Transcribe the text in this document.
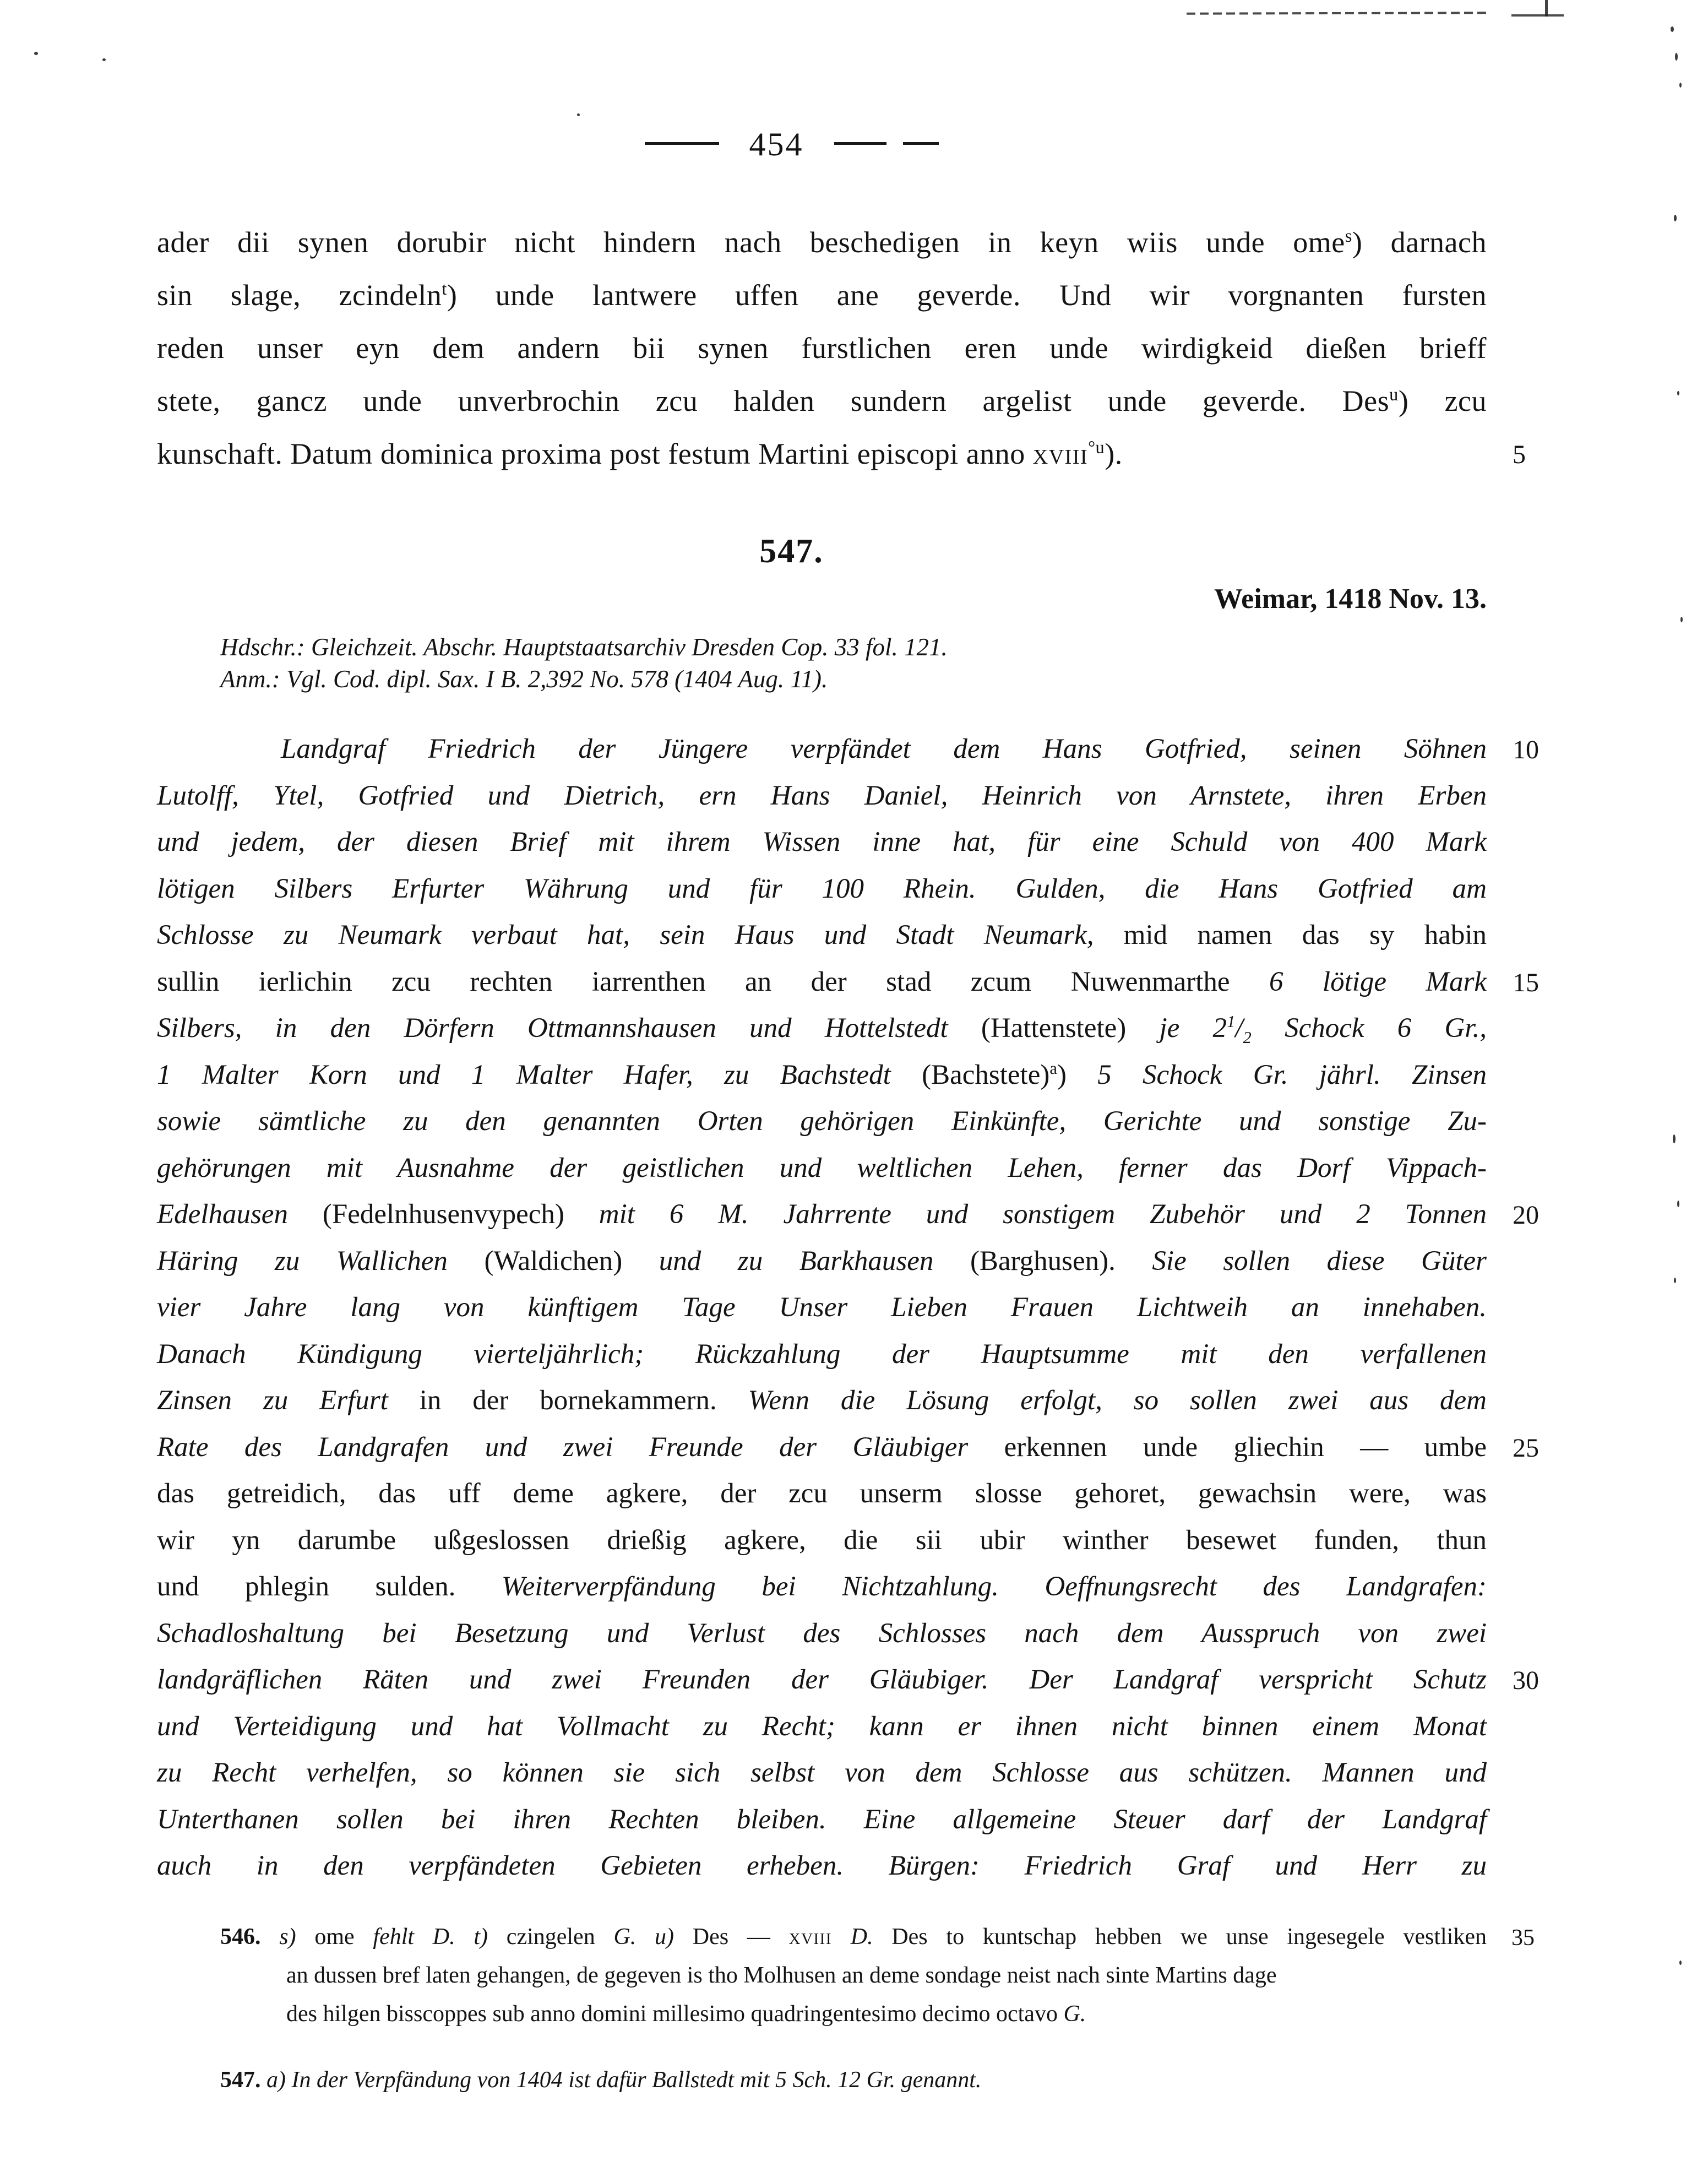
454
ader dii synen dorubir nicht hindern nach beschedigen in keyn wiis unde ome$^s$) darnach
sin slage, zcindeln$^t$) unde lantwere uffen ane geverde. Und wir vorgnanten fursten
reden unser eyn dem andern bii synen furstlichen eren unde wirdigkeid dießen brieff
stete, gancz unde unverbrochin zcu halden sundern argelist unde geverde. Des$^u$) zcu
kunschaft. Datum dominica proxima post festum Martini episcopi anno xviii$^{^\circ u}$).	5
547.
Weimar, 1418 Nov. 13.
Hdschr.: Gleichzeit. Abschr. Hauptstaatsarchiv Dresden Cop. 33 fol. 121.
Anm.: Vgl. Cod. dipl. Sax. I B. 2,392 No. 578 (1404 Aug. 11).
Landgraf Friedrich der Jüngere verpfändet dem Hans Gotfried, seinen Söhnen 10
Lutolff, Ytel, Gotfried und Dietrich, ern Hans Daniel, Heinrich von Arnstete, ihren Erben
und jedem, der diesen Brief mit ihrem Wissen inne hat, für eine Schuld von 400 Mark
lötigen Silbers Erfurter Währung und für 100 Rhein. Gulden, die Hans Gotfried am
Schlosse zu Neumark verbaut hat, sein Haus und Stadt Neumark, mid namen das sy habin
sullin ierlichin zcu rechten iarrenthen an der stad zcum Nuwenmarthe 6 lötige Mark 15
Silbers, in den Dörfern Ottmannshausen und Hottelstedt (Hattenstete) je $2^1/_2$ Schock 6 Gr.,
1 Malter Korn und 1 Malter Hafer, zu Bachstedt (Bachstete)$^a$) 5 Schock Gr. jährl. Zinsen
sowie sämtliche zu den genannten Orten gehörigen Einkünfte, Gerichte und sonstige Zu-
gehörungen mit Ausnahme der geistlichen und weltlichen Lehen, ferner das Dorf Vippach-
Edelhausen (Fedelnhusenvypech) mit 6 M. Jahrrente und sonstigem Zubehör und 2 Tonnen 20
Häring zu Wallichen (Waldichen) und zu Barkhausen (Barghusen). Sie sollen diese Güter
vier Jahre lang von künftigem Tage Unser Lieben Frauen Lichtweih an innehaben.
Danach Kündigung vierteljährlich; Rückzahlung der Hauptsumme mit den verfallenen
Zinsen zu Erfurt in der bornekammern. Wenn die Lösung erfolgt, so sollen zwei aus dem
Rate des Landgrafen und zwei Freunde der Gläubiger erkennen unde gliechin — umbe 25
das getreidich, das uff deme agkere, der zcu unserm slosse gehoret, gewachsin were, was
wir yn darumbe ußgeslossen drießig agkere, die sii ubir winther besewet funden, thun
und phlegin sulden. Weiterverpfändung bei Nichtzahlung. Oeffnungsrecht des Landgrafen:
Schadloshaltung bei Besetzung und Verlust des Schlosses nach dem Ausspruch von zwei
landgräflichen Räten und zwei Freunden der Gläubiger. Der Landgraf verspricht Schutz 30
und Verteidigung und hat Vollmacht zu Recht; kann er ihnen nicht binnen einem Monat
zu Recht verhelfen, so können sie sich selbst von dem Schlosse aus schützen. Mannen und
Unterthanen sollen bei ihren Rechten bleiben. Eine allgemeine Steuer darf der Landgraf
auch in den verpfändeten Gebieten erheben. Bürgen: Friedrich Graf und Herr zu
546. s) ome fehlt D. t) czingelen G. u) Des — xviii D. Des to kuntschap hebben we unse ingesegele vestliken 35
an dussen bref laten gehangen, de gegeven is tho Molhusen an deme sondage neist nach sinte Martins dage
des hilgen bisscoppes sub anno domini millesimo quadringentesimo decimo octavo G.
547. a) In der Verpfändung von 1404 ist dafür Ballstedt mit 5 Sch. 12 Gr. genannt.
